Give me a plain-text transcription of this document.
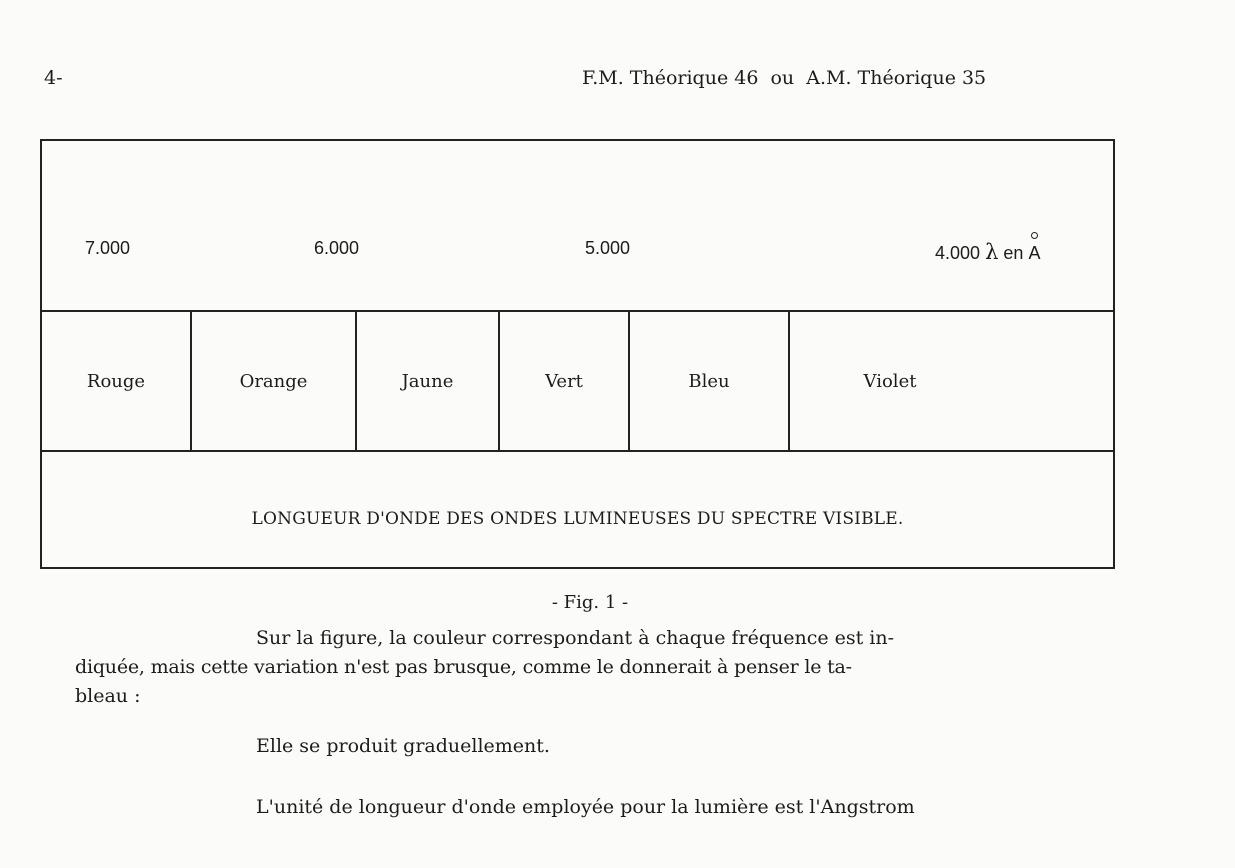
4-	F.M. Théorique 46  ou  A.M. Théorique 35
7.000	6.000	5.000	4.000 λ en A
Rouge	Orange	Jaune	Vert	Bleu	Violet
LONGUEUR D'ONDE DES ONDES LUMINEUSES DU SPECTRE VISIBLE.
- Fig. 1 -
Sur la figure, la couleur correspondant à chaque fréquence est in-
diquée, mais cette variation n'est pas brusque, comme le donnerait à penser le ta-
bleau :
Elle se produit graduellement.
L'unité de longueur d'onde employée pour la lumière est l'Angstrom
